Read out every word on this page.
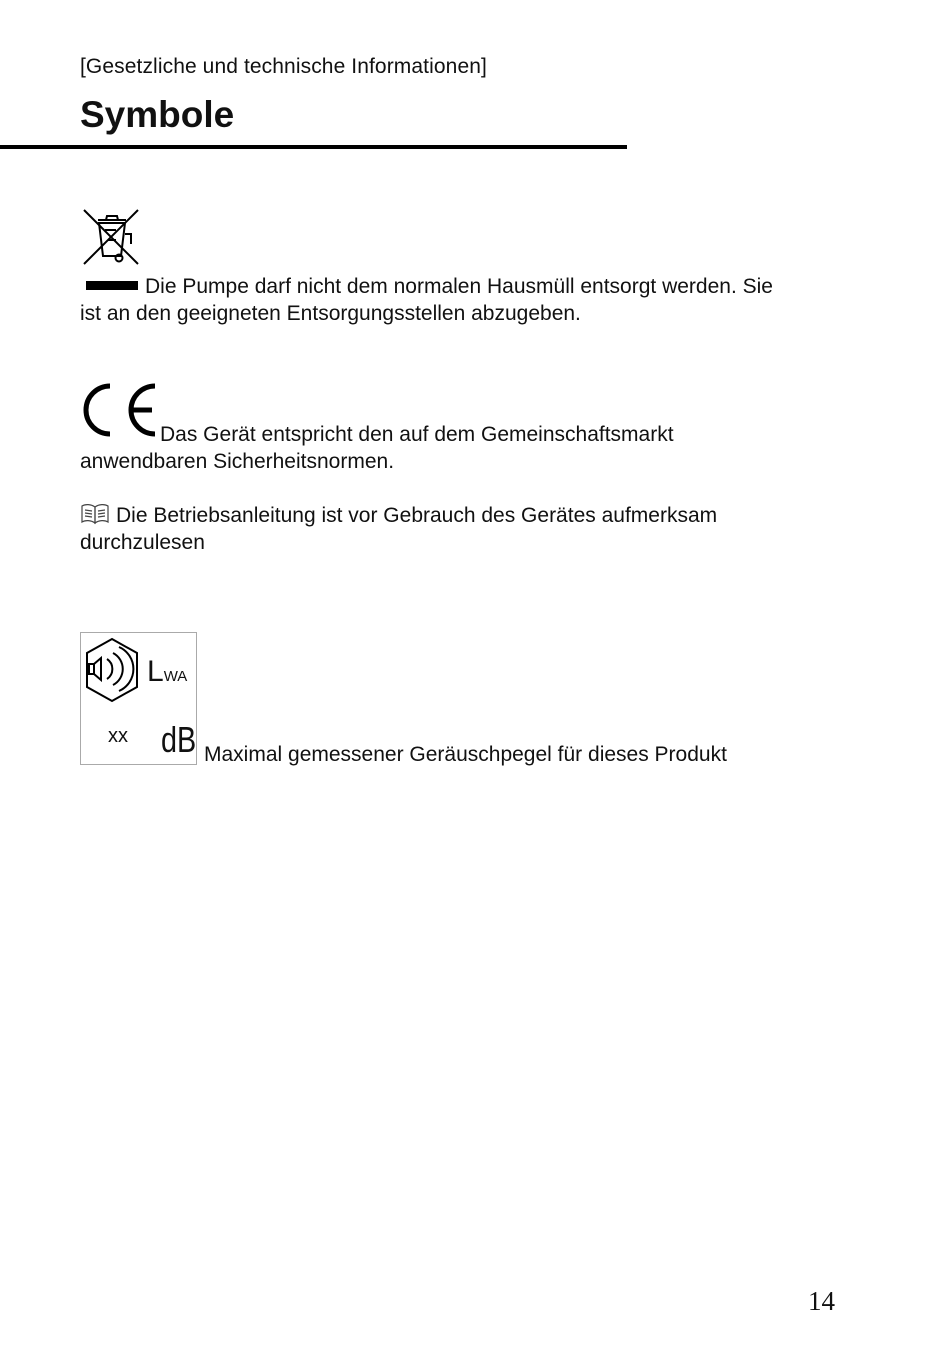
[Gesetzliche und technische Informationen]
Symbole

Die Pumpe darf nicht dem normalen Hausmüll entsorgt werden. Sie
ist an den geeigneten Entsorgungsstellen abzugeben.

Das Gerät entspricht den auf dem Gemeinschaftsmarkt
anwendbaren Sicherheitsnormen.

Die Betriebsanleitung ist vor Gebrauch des Gerätes aufmerksam
durchzulesen

LWA
xx dB Maximal gemessener Geräuschpegel für dieses Produkt

14
